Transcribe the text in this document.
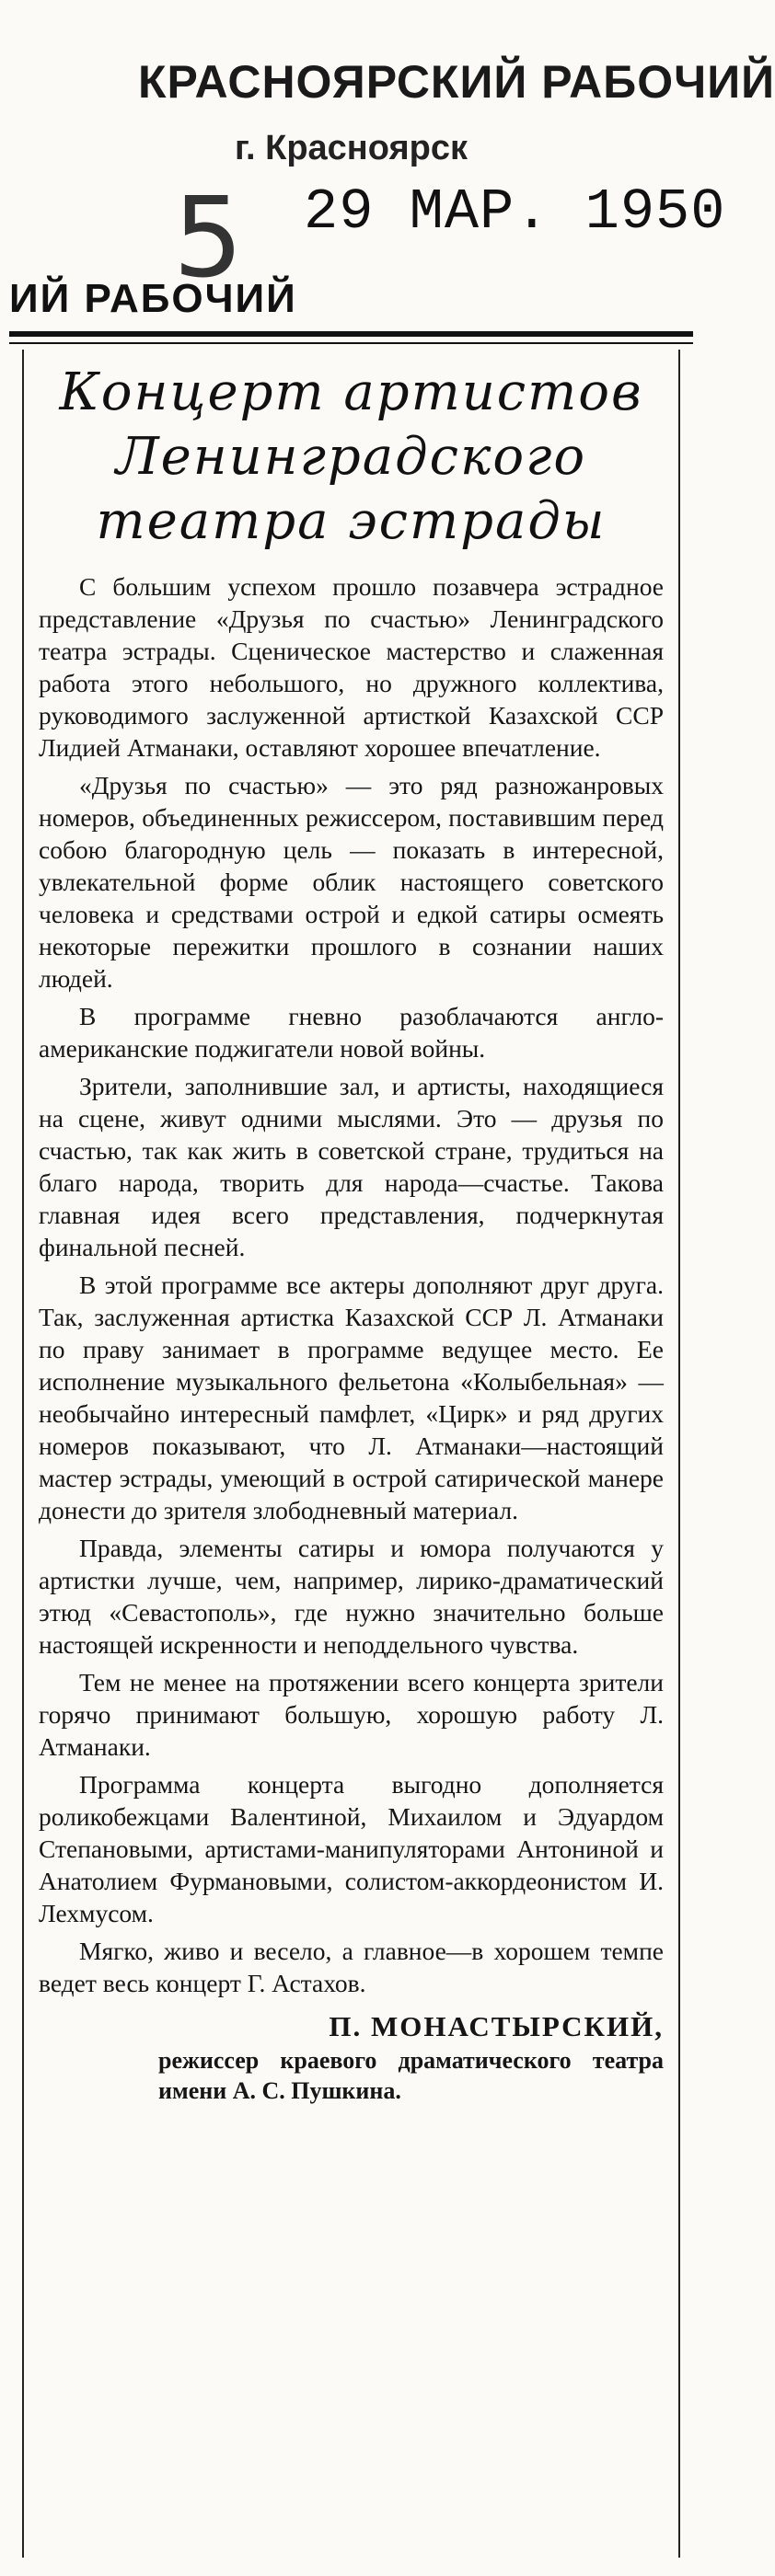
КРАСНОЯРСКИЙ РАБОЧИЙ
г. Красноярск
5 29 МАР. 1950
ИЙ РАБОЧИЙ
Концерт артистов
Ленинградского
театра эстрады

С большим успехом прошло позавчера эстрадное представление «Друзья по счастью» Ленинградского театра эстрады. Сценическое мастерство и слаженная работа этого небольшого, но дружного коллектива, руководимого заслуженной артисткой Казахской ССР Лидией Атманаки, оставляют хорошее впечатление.

«Друзья по счастью» — это ряд разножанровых номеров, объединенных режиссером, поставившим перед собою благородную цель — показать в интересной, увлекательной форме облик настоящего советского человека и средствами острой и едкой сатиры осмеять некоторые пережитки прошлого в сознании наших людей.

В программе гневно разоблачаются англо-американские поджигатели новой войны.

Зрители, заполнившие зал, и артисты, находящиеся на сцене, живут одними мыслями. Это — друзья по счастью, так как жить в советской стране, трудиться на благо народа, творить для народа—счастье. Такова главная идея всего представления, подчеркнутая финальной песней.

В этой программе все актеры дополняют друг друга. Так, заслуженная артистка Казахской ССР Л. Атманаки по праву занимает в программе ведущее место. Ее исполнение музыкального фельетона «Колыбельная» — необычайно интересный памфлет, «Цирк» и ряд других номеров показывают, что Л. Атманаки—настоящий мастер эстрады, умеющий в острой сатирической манере донести до зрителя злободневный материал.

Правда, элементы сатиры и юмора получаются у артистки лучше, чем, например, лирико-драматический этюд «Севастополь», где нужно значительно больше настоящей искренности и неподдельного чувства.

Тем не менее на протяжении всего концерта зрители горячо принимают большую, хорошую работу Л. Атманаки.

Программа концерта выгодно дополняется роликобежцами Валентиной, Михаилом и Эдуардом Степановыми, артистами-манипуляторами Антониной и Анатолием Фурмановыми, солистом-аккордеонистом И. Лехмусом.

Мягко, живо и весело, а главное—в хорошем темпе ведет весь концерт Г. Астахов.

П. МОНАСТЫРСКИЙ,
режиссер краевого драматического театра имени А. С. Пушкина.
